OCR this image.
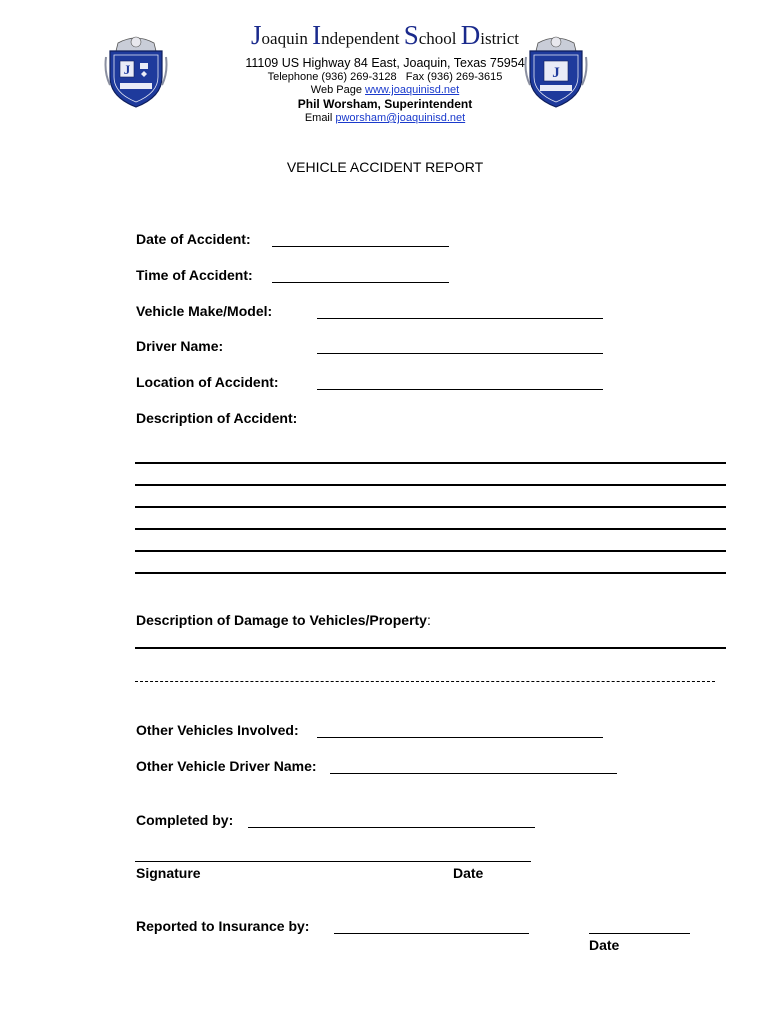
J	J
Joaquin Independent School District
11109 US Highway 84 East, Joaquin, Texas 75954
Telephone (936) 269-3128   Fax (936) 269-3615
Web Page www.joaquinisd.net
Phil Worsham, Superintendent
Email pworsham@joaquinisd.net
VEHICLE ACCIDENT REPORT
Date of Accident:
Time of Accident:
Vehicle Make/Model:
Driver Name:
Location of Accident:
Description of Accident:
Description of Damage to Vehicles/Property:
Other Vehicles Involved:
Other Vehicle Driver Name:
Completed by:
Signature	Date
Reported to Insurance by:
Date
